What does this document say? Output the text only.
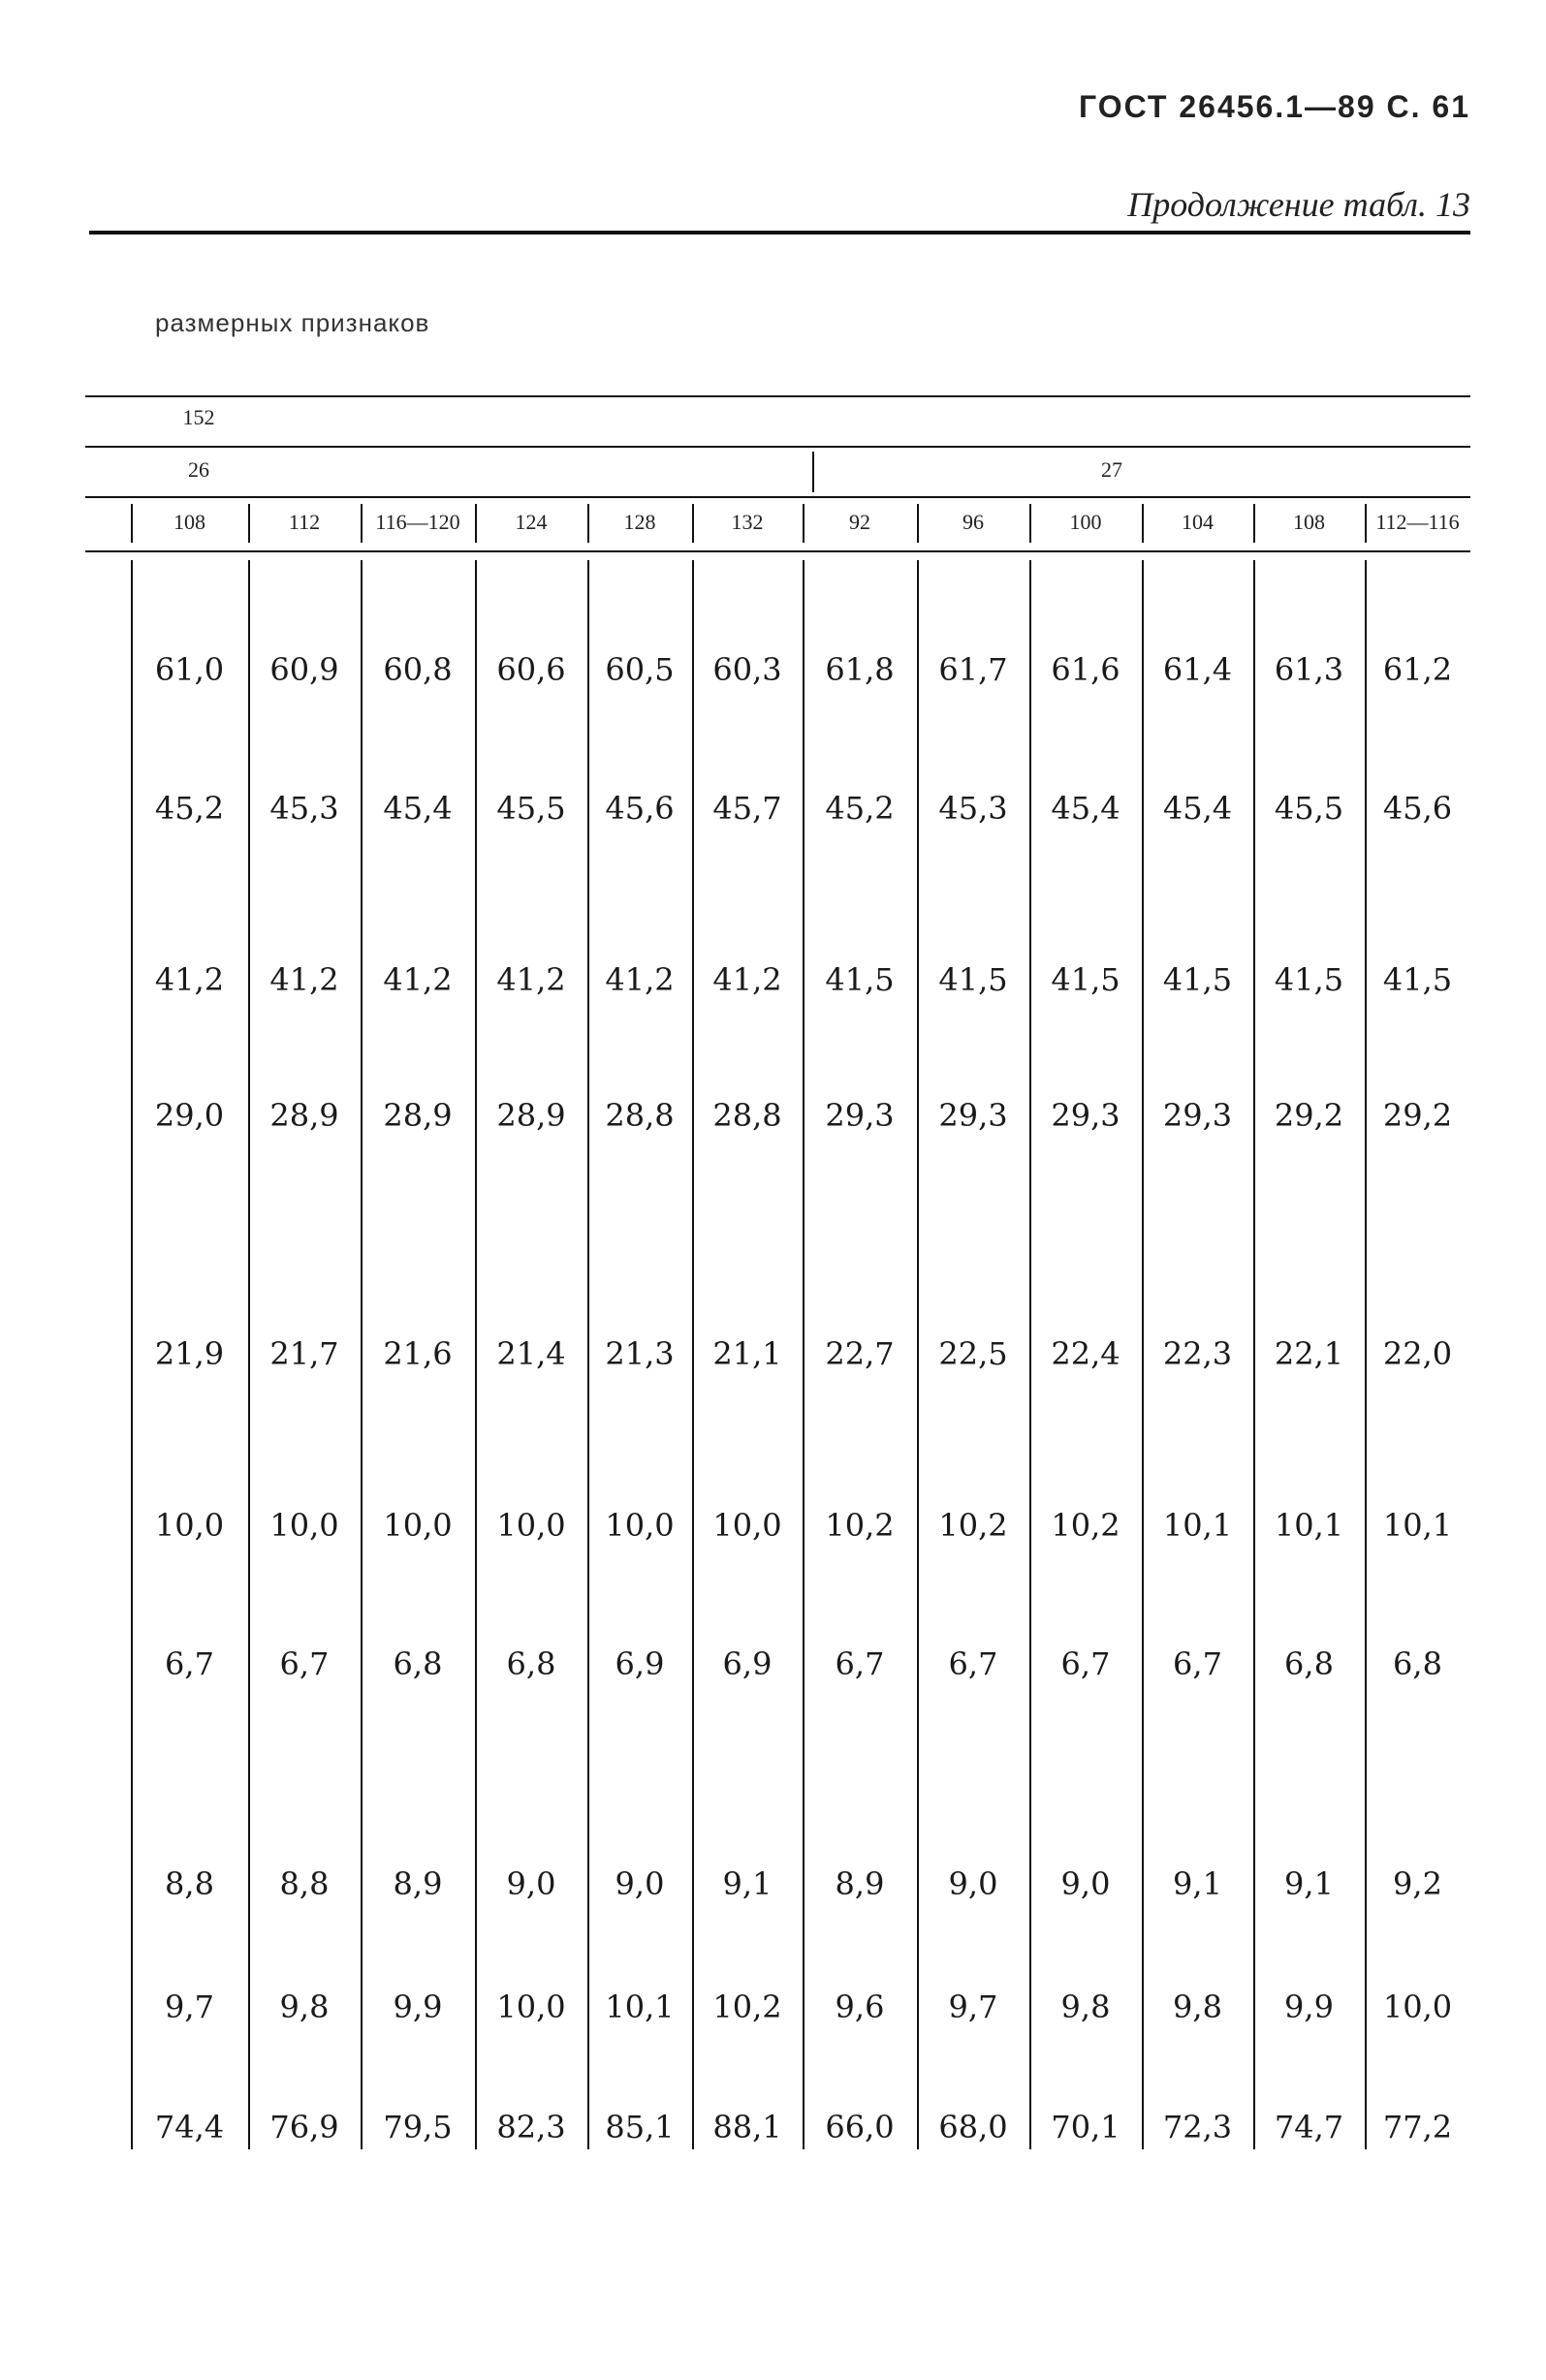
ГОСТ 26456.1—89 С. 61
Продолжение табл. 13
размерных признаков
152
26	27
108	112	116—120	124	128	132	92	96	100	104	108	112—116
61,0	60,9	60,8	60,6	60,5	60,3	61,8	61,7	61,6	61,4	61,3	61,2
45,2	45,3	45,4	45,5	45,6	45,7	45,2	45,3	45,4	45,4	45,5	45,6
41,2	41,2	41,2	41,2	41,2	41,2	41,5	41,5	41,5	41,5	41,5	41,5
29,0	28,9	28,9	28,9	28,8	28,8	29,3	29,3	29,3	29,3	29,2	29,2
21,9	21,7	21,6	21,4	21,3	21,1	22,7	22,5	22,4	22,3	22,1	22,0
10,0	10,0	10,0	10,0	10,0	10,0	10,2	10,2	10,2	10,1	10,1	10,1
6,7	6,7	6,8	6,8	6,9	6,9	6,7	6,7	6,7	6,7	6,8	6,8
8,8	8,8	8,9	9,0	9,0	9,1	8,9	9,0	9,0	9,1	9,1	9,2
9,7	9,8	9,9	10,0	10,1	10,2	9,6	9,7	9,8	9,8	9,9	10,0
74,4	76,9	79,5	82,3	85,1	88,1	66,0	68,0	70,1	72,3	74,7	77,2
